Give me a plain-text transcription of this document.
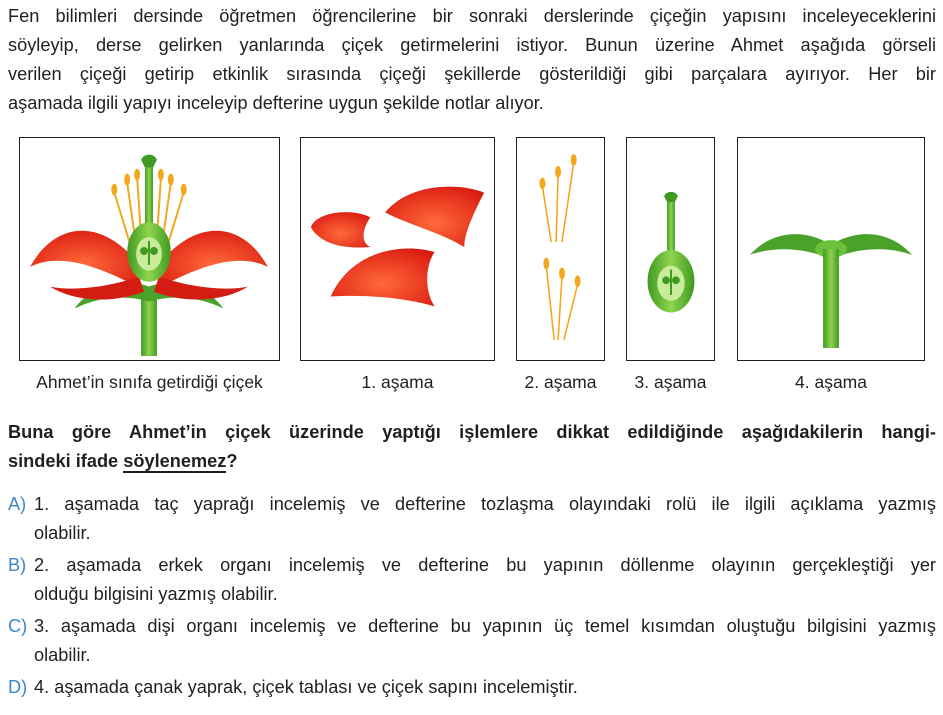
Fen bilimleri dersinde öğretmen öğrencilerine bir sonraki derslerinde çiçeğin yapısını inceleyeceklerini
söyleyip, derse gelirken yanlarında çiçek getirmelerini istiyor. Bunun üzerine Ahmet aşağıda görseli
verilen çiçeği getirip etkinlik sırasında çiçeği şekillerde gösterildiği gibi parçalara ayırıyor. Her bir
aşamada ilgili yapıyı inceleyip defterine uygun şekilde notlar alıyor.
Ahmet’in sınıfa getirdiği çiçek	1. aşama	2. aşama	3. aşama	4. aşama
Buna göre Ahmet’in çiçek üzerinde yaptığı işlemlere dikkat edildiğinde aşağıdakilerin hangi-
sindeki ifade söylenemez?
A) 1. aşamada taç yaprağı incelemiş ve defterine tozlaşma olayındaki rolü ile ilgili açıklama yazmış
olabilir.
B) 2. aşamada erkek organı incelemiş ve defterine bu yapının döllenme olayının gerçekleştiği yer
olduğu bilgisini yazmış olabilir.
C) 3. aşamada dişi organı incelemiş ve defterine bu yapının üç temel kısımdan oluştuğu bilgisini yazmış
olabilir.
D) 4. aşamada çanak yaprak, çiçek tablası ve çiçek sapını incelemiştir.
